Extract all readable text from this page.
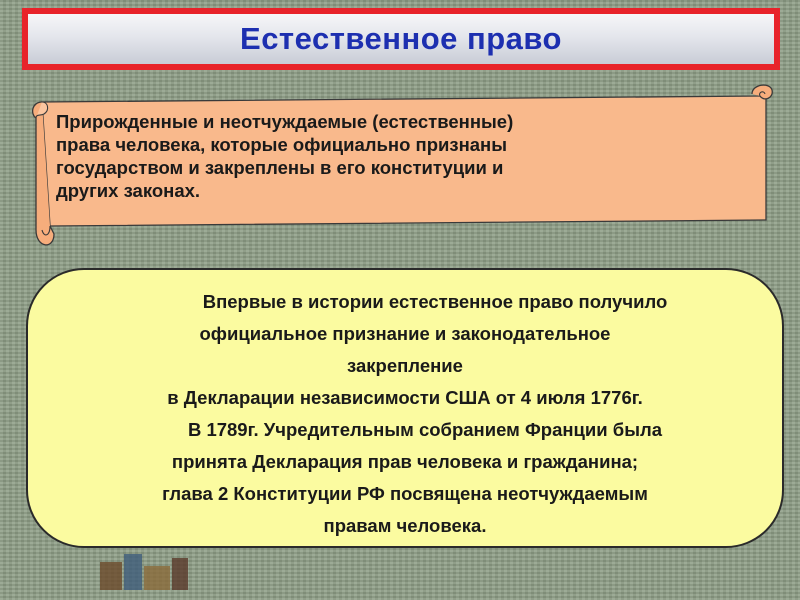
Естественное право

Прирожденные и неотчуждаемые (естественные)
права человека, которые официально признаны
государством и закреплены в его конституции и
других законах.

Впервые в истории естественное право получило
официальное признание и законодательное
закрепление
в Декларации независимости США от 4 июля 1776г.
В 1789г. Учредительным собранием Франции была
принята Декларация прав человека и гражданина;
глава 2 Конституции РФ посвящена неотчуждаемым
правам человека.
